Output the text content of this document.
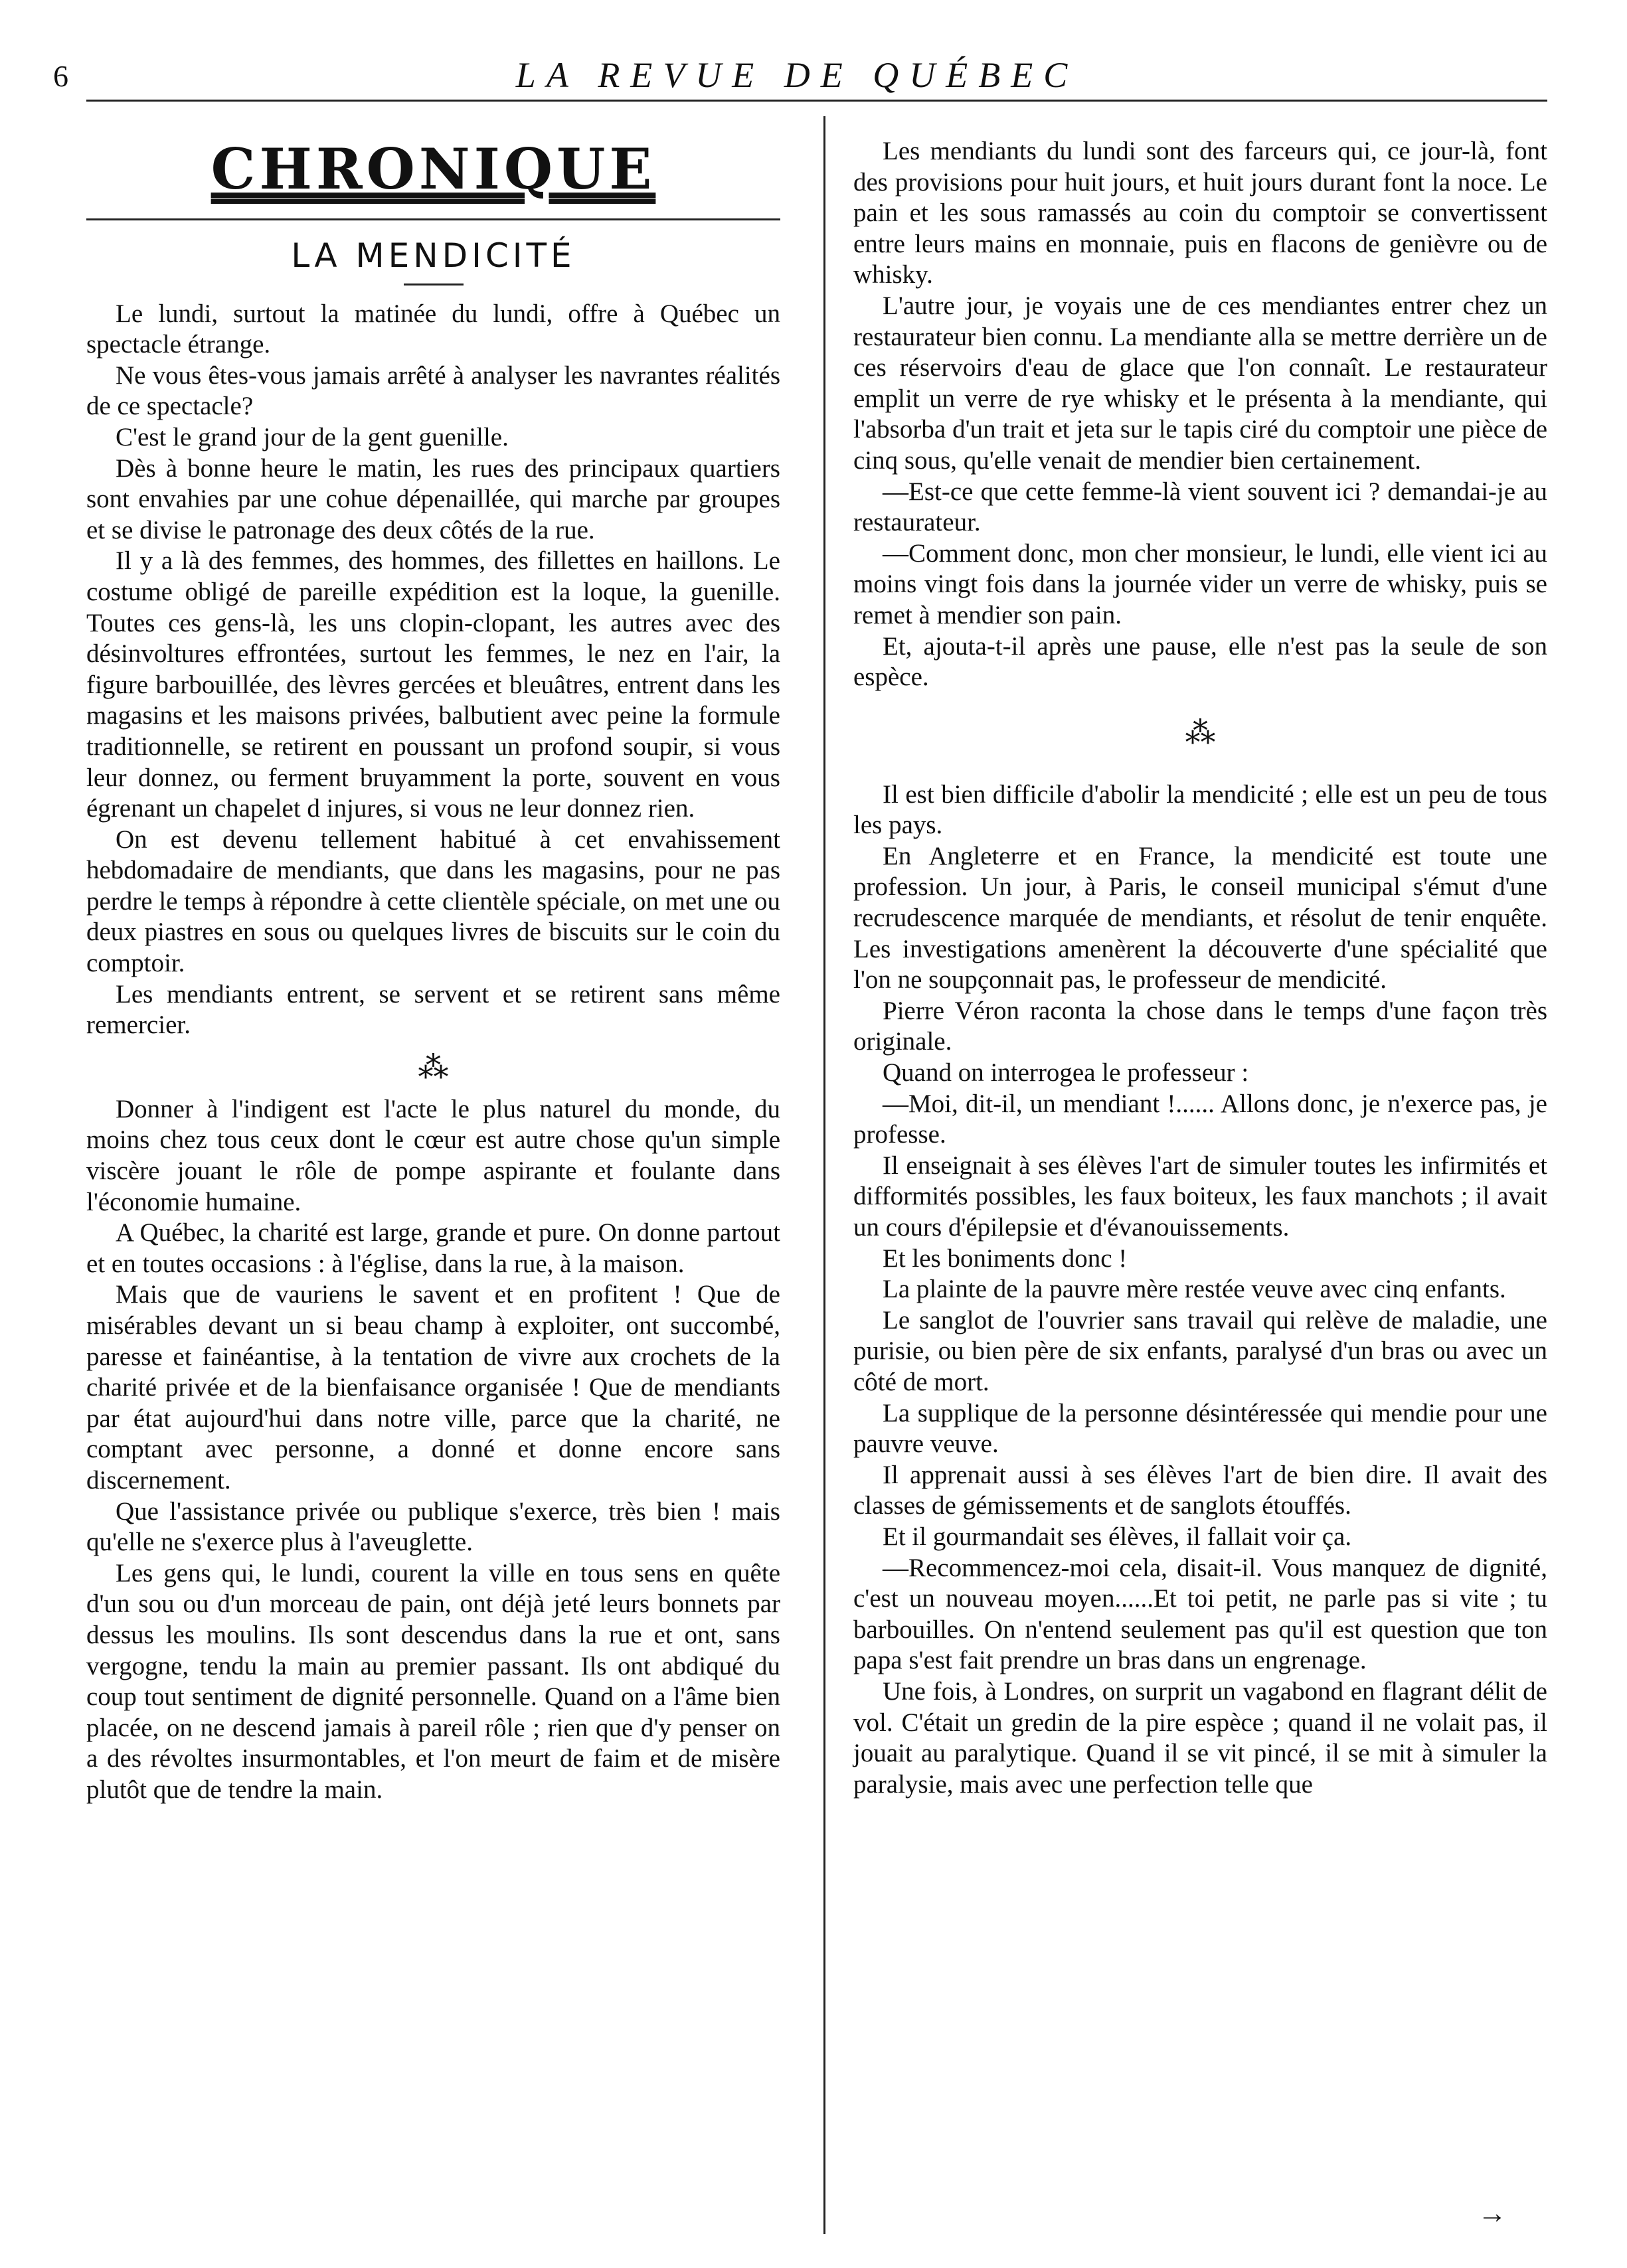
6	LA REVUE DE QUÉBEC
CHRONIQUE
LA MENDICITÉ

Le lundi, surtout la matinée du lundi, offre à Québec un spectacle étrange.

Ne vous êtes-vous jamais arrêté à analyser les navrantes réalités de ce spectacle?

C'est le grand jour de la gent guenille.

Dès à bonne heure le matin, les rues des principaux quartiers sont envahies par une cohue dépenaillée, qui marche par groupes et se divise le patronage des deux côtés de la rue.

Il y a là des femmes, des hommes, des fillettes en haillons. Le costume obligé de pareille expédition est la loque, la guenille. Toutes ces gens-là, les uns clopin-clopant, les autres avec des désinvoltures effrontées, surtout les femmes, le nez en l'air, la figure barbouillée, des lèvres gercées et bleuâtres, entrent dans les magasins et les maisons privées, balbutient avec peine la formule traditionnelle, se retirent en poussant un profond soupir, si vous leur donnez, ou ferment bruyamment la porte, souvent en vous égrenant un chapelet d injures, si vous ne leur donnez rien.

On est devenu tellement habitué à cet envahissement hebdomadaire de mendiants, que dans les magasins, pour ne pas perdre le temps à répondre à cette clientèle spéciale, on met une ou deux piastres en sous ou quelques livres de biscuits sur le coin du comptoir.

Les mendiants entrent, se servent et se retirent sans même remercier.

⁂

Donner à l'indigent est l'acte le plus naturel du monde, du moins chez tous ceux dont le cœur est autre chose qu'un simple viscère jouant le rôle de pompe aspirante et foulante dans l'économie humaine.

A Québec, la charité est large, grande et pure. On donne partout et en toutes occasions : à l'église, dans la rue, à la maison.

Mais que de vauriens le savent et en profitent ! Que de misérables devant un si beau champ à exploiter, ont succombé, paresse et fainéantise, à la tentation de vivre aux crochets de la charité privée et de la bienfaisance organisée ! Que de mendiants par état aujourd'hui dans notre ville, parce que la charité, ne comptant avec personne, a donné et donne encore sans discernement.

Que l'assistance privée ou publique s'exerce, très bien ! mais qu'elle ne s'exerce plus à l'aveuglette.

Les gens qui, le lundi, courent la ville en tous sens en quête d'un sou ou d'un morceau de pain, ont déjà jeté leurs bonnets par dessus les moulins. Ils sont descendus dans la rue et ont, sans vergogne, tendu la main au premier passant. Ils ont abdiqué du coup tout sentiment de dignité personnelle. Quand on a l'âme bien placée, on ne descend jamais à pareil rôle ; rien que d'y penser on a des révoltes insurmontables, et l'on meurt de faim et de misère plutôt que de tendre la main.

Les mendiants du lundi sont des farceurs qui, ce jour-là, font des provisions pour huit jours, et huit jours durant font la noce. Le pain et les sous ramassés au coin du comptoir se convertissent entre leurs mains en monnaie, puis en flacons de genièvre ou de whisky.

L'autre jour, je voyais une de ces mendiantes entrer chez un restaurateur bien connu. La mendiante alla se mettre derrière un de ces réservoirs d'eau de glace que l'on connaît. Le restaurateur emplit un verre de rye whisky et le présenta à la mendiante, qui l'absorba d'un trait et jeta sur le tapis ciré du comptoir une pièce de cinq sous, qu'elle venait de mendier bien certainement.

—Est-ce que cette femme-là vient souvent ici ? demandai-je au restaurateur.

—Comment donc, mon cher monsieur, le lundi, elle vient ici au moins vingt fois dans la journée vider un verre de whisky, puis se remet à mendier son pain.

Et, ajouta-t-il après une pause, elle n'est pas la seule de son espèce.

⁂

Il est bien difficile d'abolir la mendicité ; elle est un peu de tous les pays.

En Angleterre et en France, la mendicité est toute une profession. Un jour, à Paris, le conseil municipal s'émut d'une recrudescence marquée de mendiants, et résolut de tenir enquête. Les investigations amenèrent la découverte d'une spécialité que l'on ne soupçonnait pas, le professeur de mendicité.

Pierre Véron raconta la chose dans le temps d'une façon très originale.

Quand on interrogea le professeur :

—Moi, dit-il, un mendiant !...... Allons donc, je n'exerce pas, je professe.

Il enseignait à ses élèves l'art de simuler toutes les infirmités et difformités possibles, les faux boiteux, les faux manchots ; il avait un cours d'épilepsie et d'évanouissements.

Et les boniments donc !

La plainte de la pauvre mère restée veuve avec cinq enfants.

Le sanglot de l'ouvrier sans travail qui relève de maladie, une purisie, ou bien père de six enfants, paralysé d'un bras ou avec un côté de mort.

La supplique de la personne désintéressée qui mendie pour une pauvre veuve.

Il apprenait aussi à ses élèves l'art de bien dire. Il avait des classes de gémissements et de sanglots étouffés.

Et il gourmandait ses élèves, il fallait voir ça.

—Recommencez-moi cela, disait-il. Vous manquez de dignité, c'est un nouveau moyen......Et toi petit, ne parle pas si vite ; tu barbouilles. On n'entend seulement pas qu'il est question que ton papa s'est fait prendre un bras dans un engrenage.

Une fois, à Londres, on surprit un vagabond en flagrant délit de vol. C'était un gredin de la pire espèce ; quand il ne volait pas, il jouait au paralytique. Quand il se vit pincé, il se mit à simuler la paralysie, mais avec une perfection telle que

→
